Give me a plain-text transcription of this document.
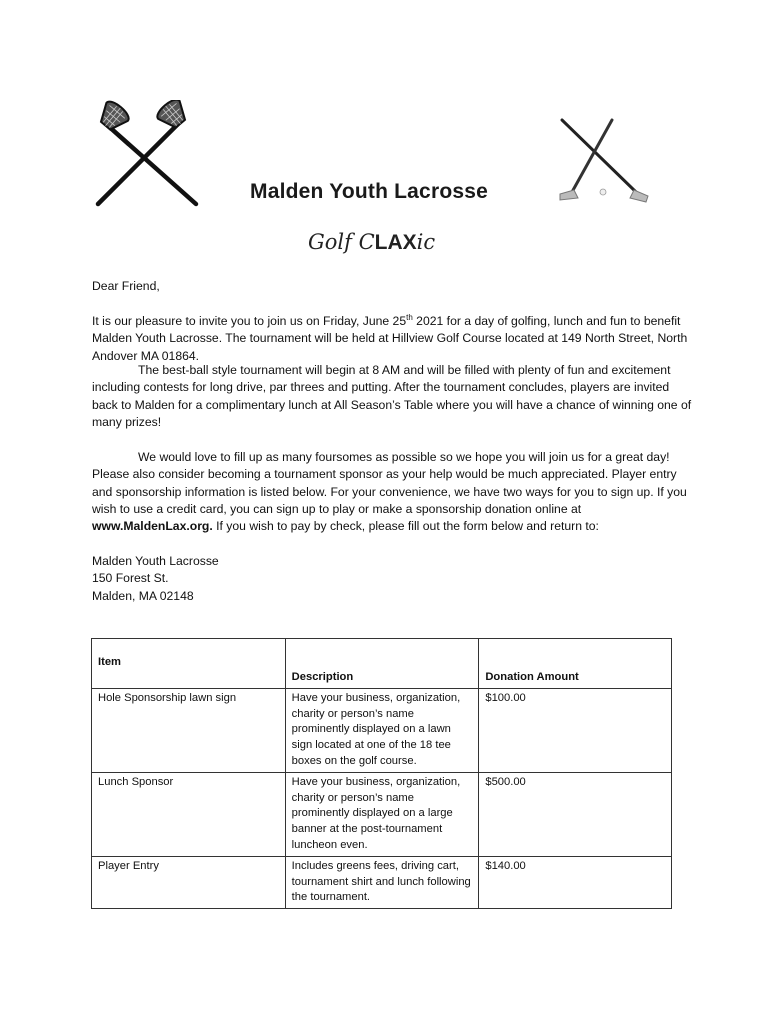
Malden Youth Lacrosse
Golf CLAXic
Dear Friend,
It is our pleasure to invite you to join us on Friday, June 25th 2021 for a day of golfing, lunch and fun to benefit Malden Youth Lacrosse. The tournament will be held at Hillview Golf Course located at 149 North Street, North Andover MA 01864.
The best-ball style tournament will begin at 8 AM and will be filled with plenty of fun and excitement including contests for long drive, par threes and putting. After the tournament concludes, players are invited back to Malden for a complimentary lunch at All Season’s Table where you will have a chance of winning one of many prizes!
We would love to fill up as many foursomes as possible so we hope you will join us for a great day! Please also consider becoming a tournament sponsor as your help would be much appreciated. Player entry and sponsorship information is listed below. For your convenience, we have two ways for you to sign up. If you wish to use a credit card, you can sign up to play or make a sponsorship donation online at www.MaldenLax.org. If you wish to pay by check, please fill out the form below and return to:
Malden Youth Lacrosse
150 Forest St.
Malden, MA 02148
Item	Description	Donation Amount

Hole Sponsorship lawn sign	Have your business, organization, charity or person’s name prominently displayed on a lawn sign located at one of the 18 tee boxes on the golf course.	$100.00
Lunch Sponsor	Have your business, organization, charity or person’s name prominently displayed on a large banner at the post-tournament luncheon even.	$500.00
Player Entry	Includes greens fees, driving cart, tournament shirt and lunch following the tournament.	$140.00
